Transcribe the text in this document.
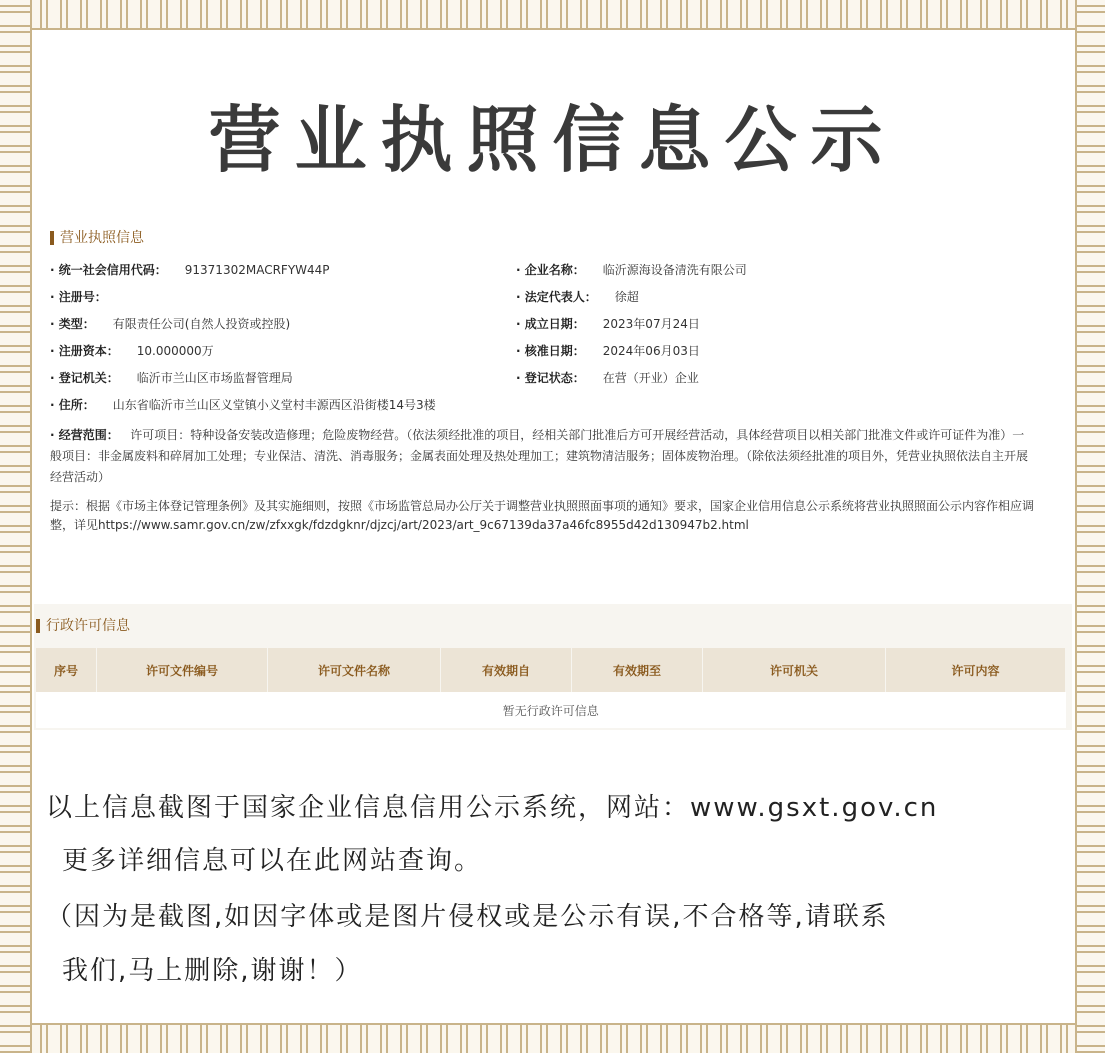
营业执照信息公示
营业执照信息
· 统一社会信用代码： 91371302MACRFYW44P	· 企业名称： 临沂源海设备清洗有限公司
· 注册号：	· 法定代表人： 徐超
· 类型： 有限责任公司(自然人投资或控股)	· 成立日期： 2023年07月24日
· 注册资本： 10.000000万	· 核准日期： 2024年06月03日
· 登记机关： 临沂市兰山区市场监督管理局	· 登记状态： 在营（开业）企业
· 住所： 山东省临沂市兰山区义堂镇小义堂村丰源西区沿街楼14号3楼
· 经营范围： 许可项目：特种设备安装改造修理；危险废物经营。（依法须经批准的项目，经相关部门批准后方可开展经营活动，具体经营项目以相关部门批准文件或许可证件为准）一般项目：非金属废料和碎屑加工处理；专业保洁、清洗、消毒服务；金属表面处理及热处理加工；建筑物清洁服务；固体废物治理。（除依法须经批准的项目外，凭营业执照依法自主开展经营活动）
提示：根据《市场主体登记管理条例》及其实施细则，按照《市场监管总局办公厅关于调整营业执照照面事项的通知》要求，国家企业信用信息公示系统将营业执照照面公示内容作相应调整，详见https://www.samr.gov.cn/zw/zfxxgk/fdzdgknr/djzcj/art/2023/art_9c67139da37a46fc8955d42d130947b2.html
行政许可信息
序号	许可文件编号	许可文件名称	有效期自	有效期至	许可机关	许可内容
暂无行政许可信息
以上信息截图于国家企业信息信用公示系统，网站：www.gsxt.gov.cn
更多详细信息可以在此网站查询。
（因为是截图,如因字体或是图片侵权或是公示有误,不合格等,请联系
我们,马上删除,谢谢！）
